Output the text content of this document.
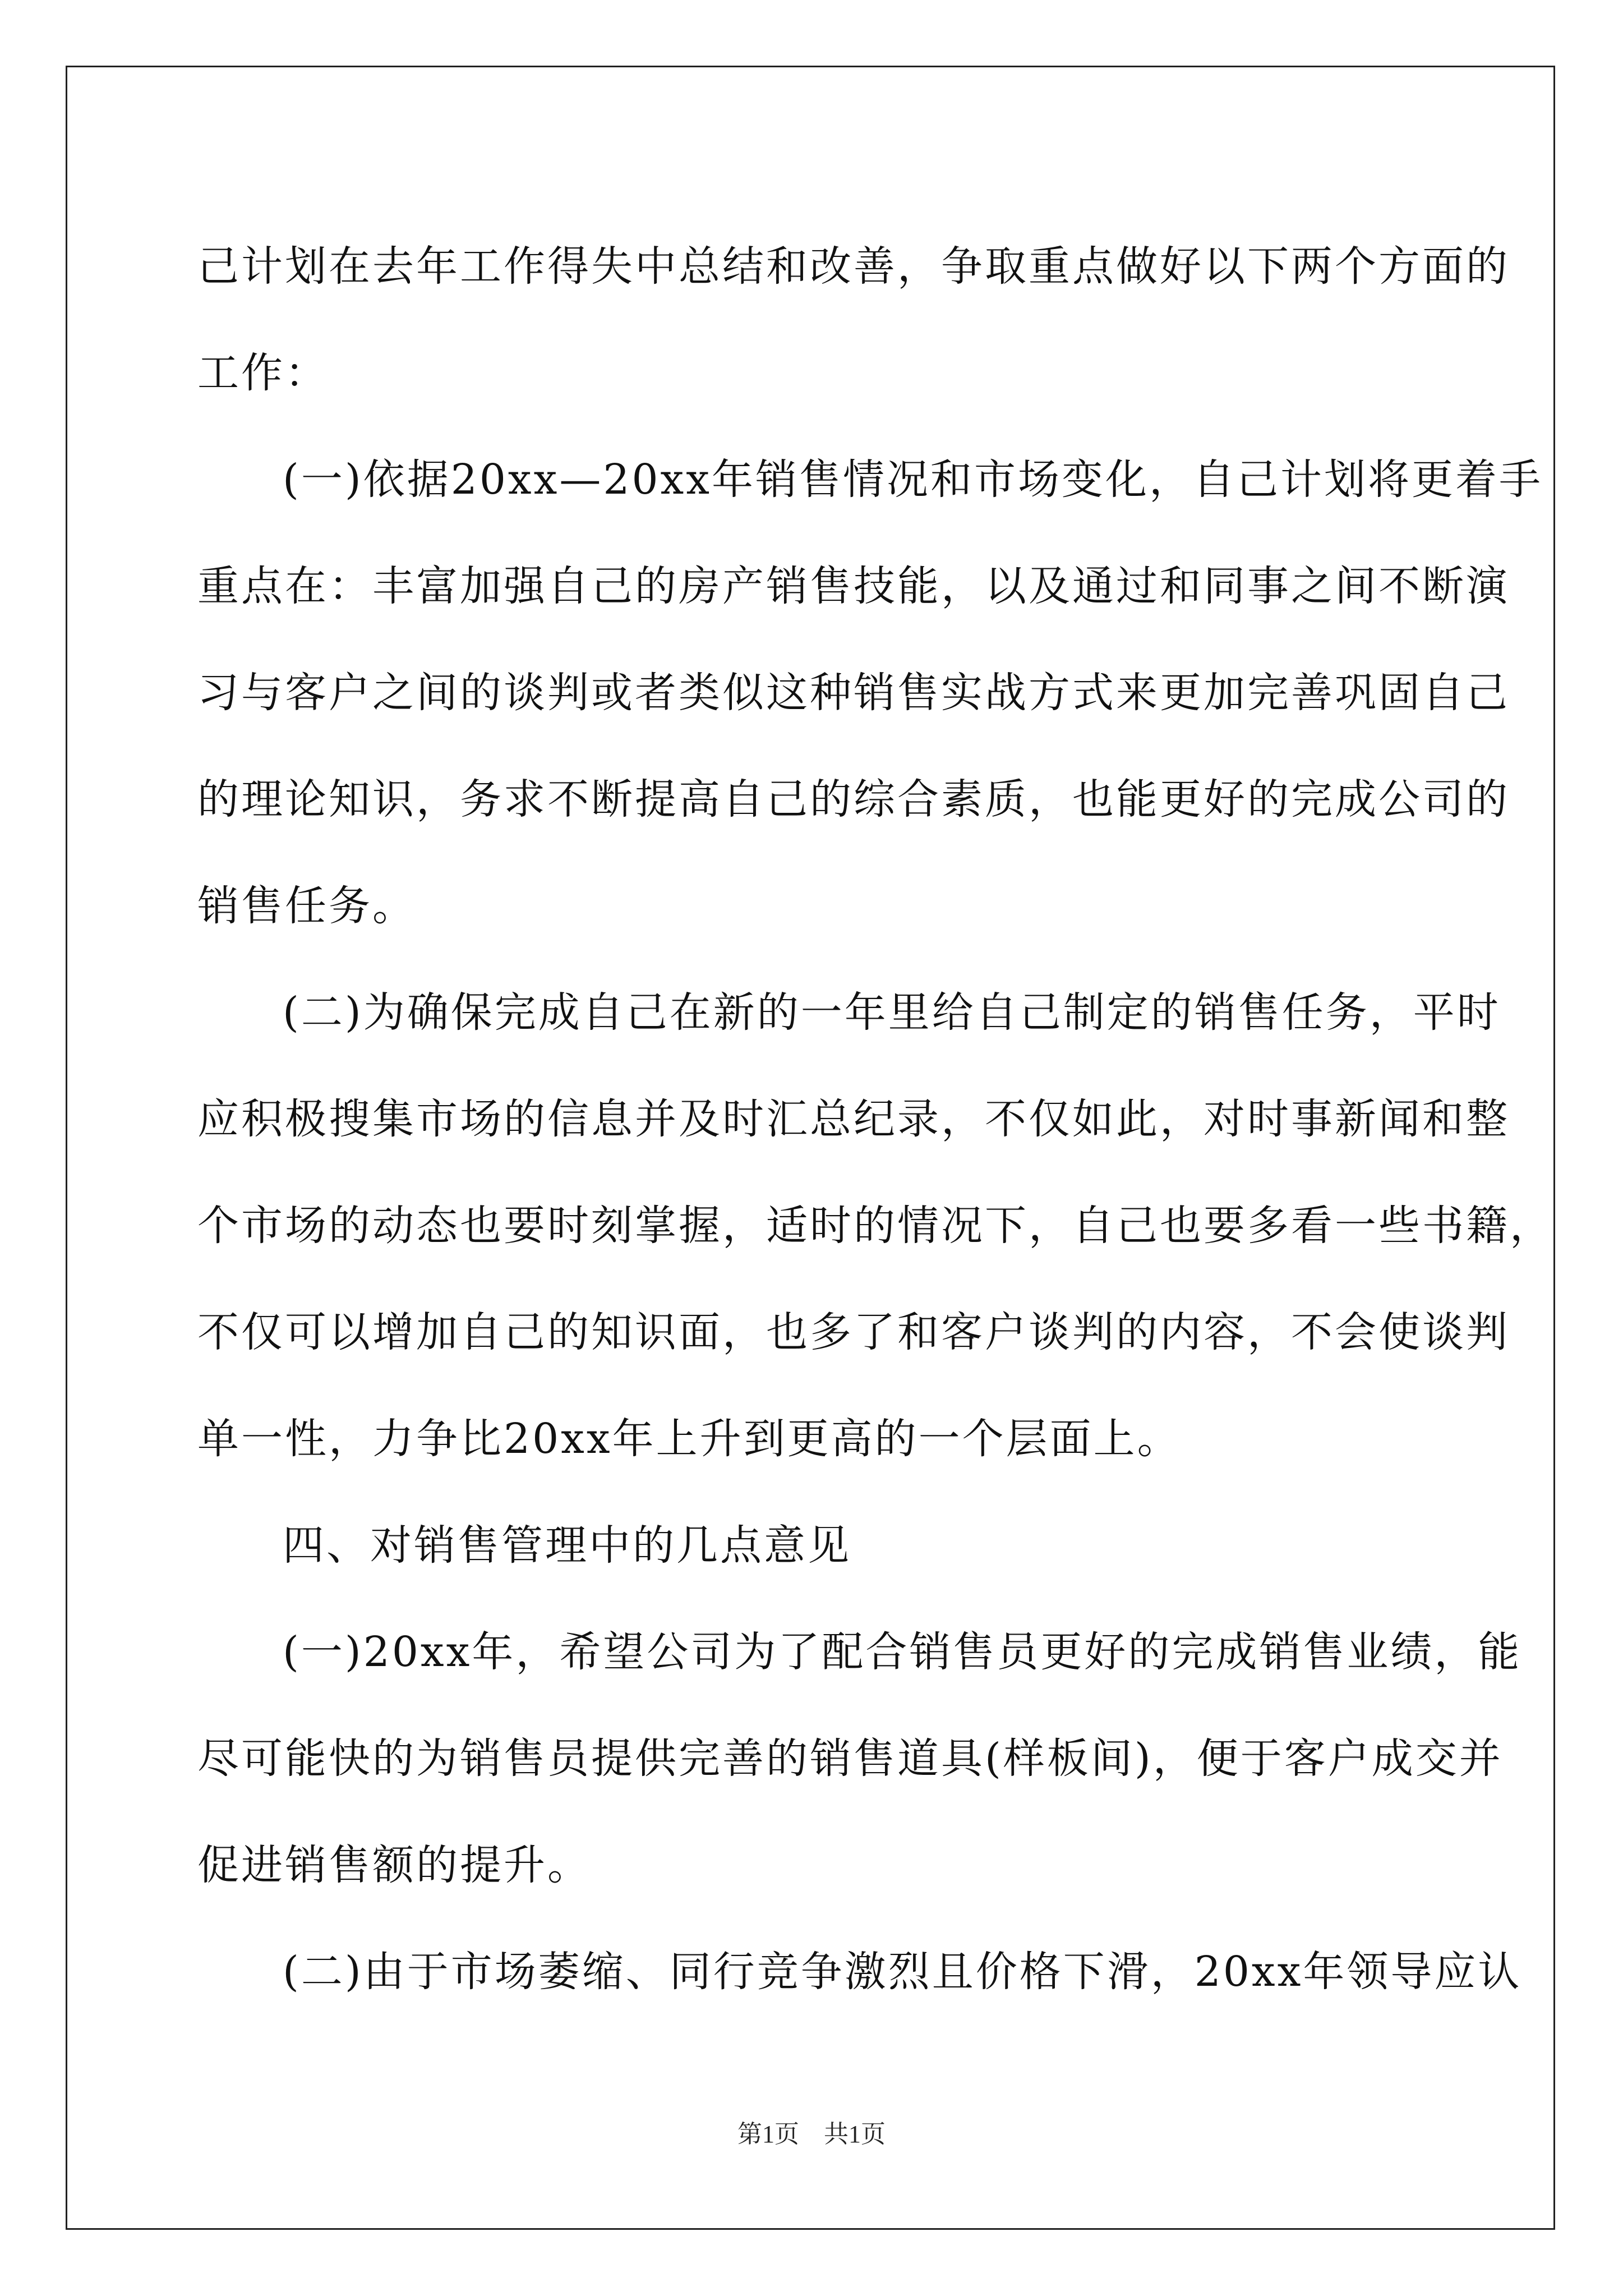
己计划在去年工作得失中总结和改善，争取重点做好以下两个方面的
工作：
(一)依据20xx—20xx年销售情况和市场变化，自己计划将更着手
重点在：丰富加强自己的房产销售技能，以及通过和同事之间不断演
习与客户之间的谈判或者类似这种销售实战方式来更加完善巩固自己
的理论知识，务求不断提高自己的综合素质，也能更好的完成公司的
销售任务。
(二)为确保完成自己在新的一年里给自己制定的销售任务，平时
应积极搜集市场的信息并及时汇总纪录，不仅如此，对时事新闻和整
个市场的动态也要时刻掌握，适时的情况下，自己也要多看一些书籍，
不仅可以增加自己的知识面，也多了和客户谈判的内容，不会使谈判
单一性，力争比20xx年上升到更高的一个层面上。
四、对销售管理中的几点意见
(一)20xx年，希望公司为了配合销售员更好的完成销售业绩，能
尽可能快的为销售员提供完善的销售道具(样板间)，便于客户成交并
促进销售额的提升。
(二)由于市场萎缩、同行竞争激烈且价格下滑，20xx年领导应认
第1页　共1页
